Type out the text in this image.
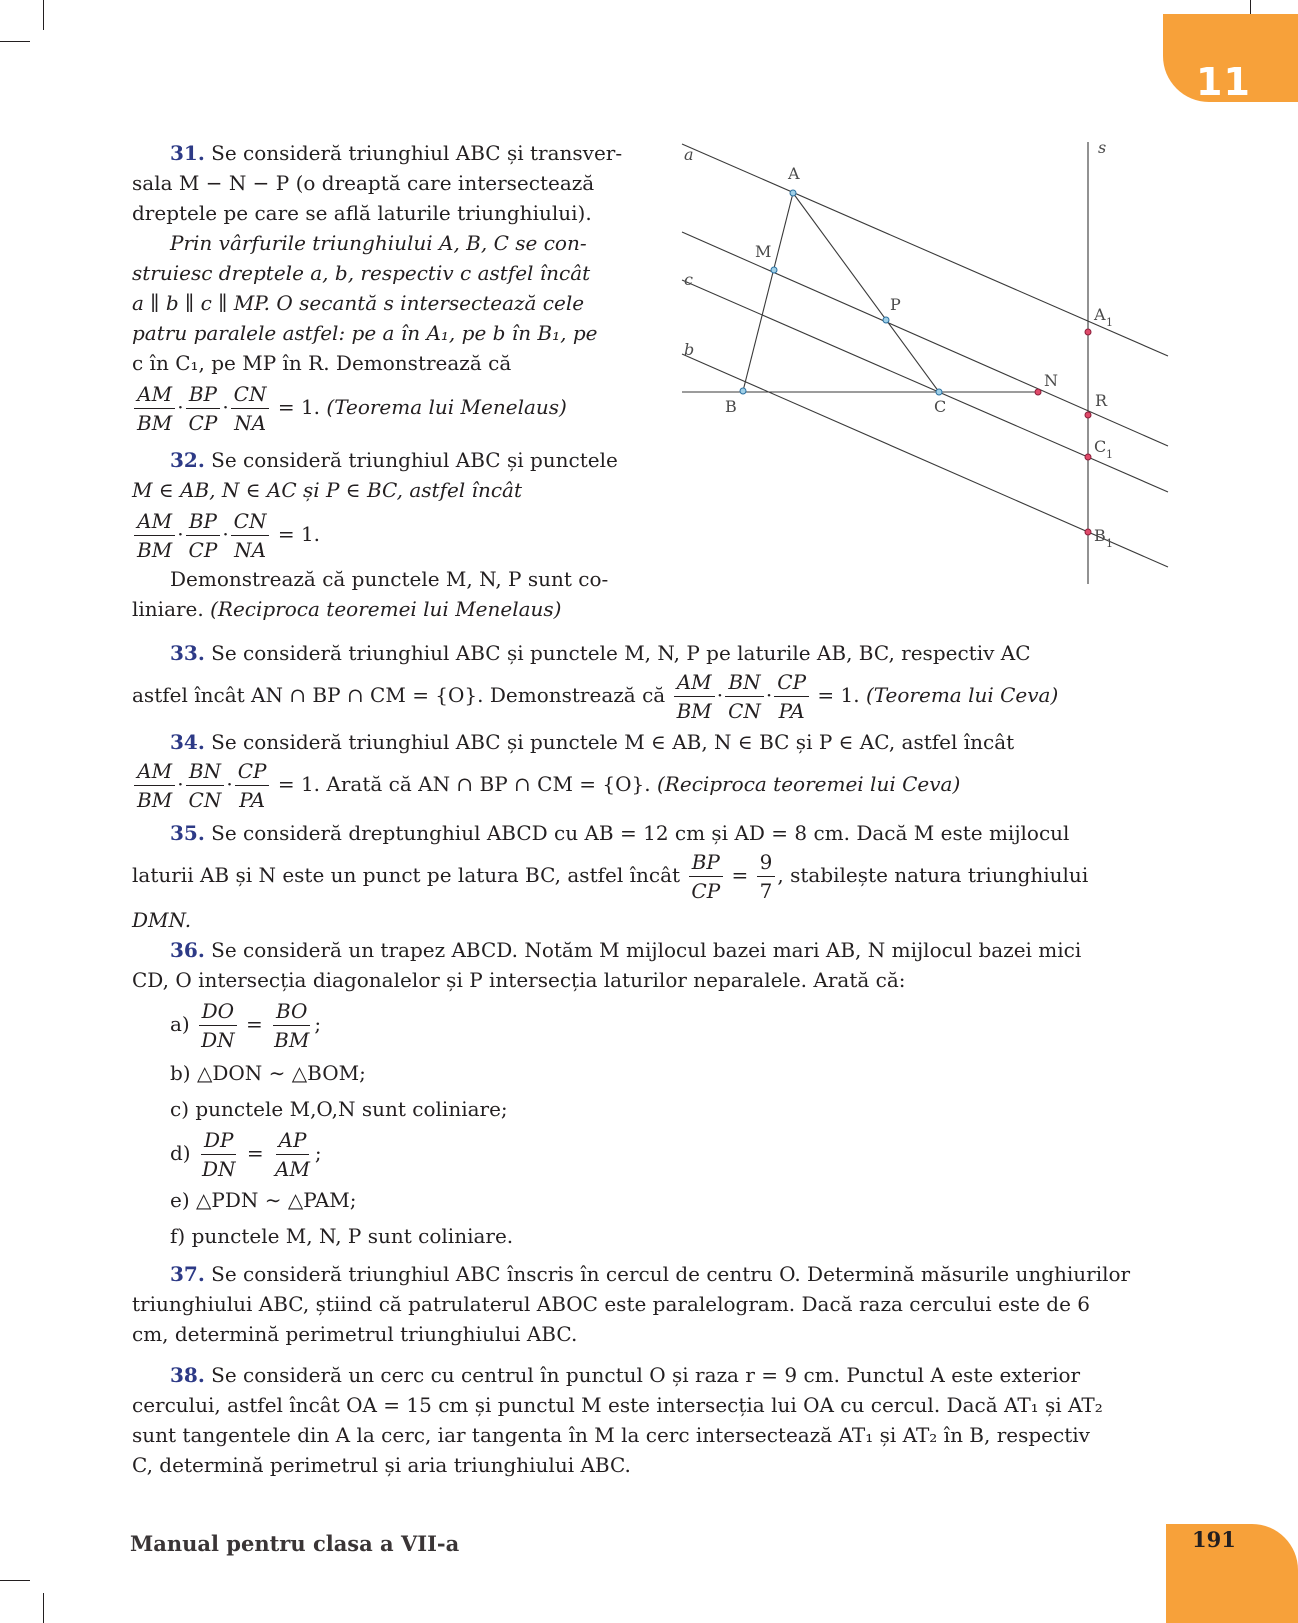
11
a
c
b
s
A
M
P
B	C
N
A 1
R
C 1
B 1
31. Se consideră triunghiul ABC și transver-
sala M − N − P (o dreaptă care intersectează
dreptele pe care se află laturile triunghiului).
Prin vârfurile triunghiului A, B, C se con-
struiesc dreptele a, b, respectiv c astfel încât
a ∥ b ∥ c ∥ MP. O secantă s intersectează cele
patru paralele astfel: pe a în A₁, pe b în B₁, pe
c în C₁, pe MP în R. Demonstrează că
$\frac{AM}{BM} \cdot \frac{BP}{CP} \cdot \frac{CN}{NA} = 1$. (Teorema lui Menelaus)
32. Se consideră triunghiul ABC și punctele
M ∈ AB, N ∈ AC și P ∈ BC, astfel încât
$\frac{AM}{BM} \cdot \frac{BP}{CP} \cdot \frac{CN}{NA} = 1$.
Demonstrează că punctele M, N, P sunt co-
liniare. (Reciproca teoremei lui Menelaus)
33. Se consideră triunghiul ABC și punctele M, N, P pe laturile AB, BC, respectiv AC
astfel încât AN ∩ BP ∩ CM = {O}. Demonstrează că $\frac{AM}{BM} \cdot \frac{BN}{CN} \cdot \frac{CP}{PA} = 1$. (Teorema lui Ceva)
34. Se consideră triunghiul ABC și punctele M ∈ AB, N ∈ BC și P ∈ AC, astfel încât
$\frac{AM}{BM} \cdot \frac{BN}{CN} \cdot \frac{CP}{PA} = 1$. Arată că AN ∩ BP ∩ CM = {O}. (Reciproca teoremei lui Ceva)
35. Se consideră dreptunghiul ABCD cu AB = 12 cm și AD = 8 cm. Dacă M este mijlocul
laturii AB și N este un punct pe latura BC, astfel încât $\frac{BP}{CP} = \frac{9}{7}$ , stabilește natura triunghiului
DMN.
36. Se consideră un trapez ABCD. Notăm M mijlocul bazei mari AB, N mijlocul bazei mici
CD, O intersecția diagonalelor și P intersecția laturilor neparalele. Arată că:
$a) \frac{DO}{DN} = \frac{BO}{BM}$ ;
b) △DON ∼ △BOM;
c) punctele M,O,N sunt coliniare;
$d) \frac{DP}{DN} = \frac{AP}{AM}$ ;
e) △PDN ∼ △PAM;
f) punctele M, N, P sunt coliniare.
37. Se consideră triunghiul ABC înscris în cercul de centru O. Determină măsurile unghiurilor
triunghiului ABC, știind că patrulaterul ABOC este paralelogram. Dacă raza cercului este de 6
cm, determină perimetrul triunghiului ABC.
38. Se consideră un cerc cu centrul în punctul O și raza r = 9 cm. Punctul A este exterior
cercului, astfel încât OA = 15 cm și punctul M este intersecția lui OA cu cercul. Dacă AT₁ și AT₂
sunt tangentele din A la cerc, iar tangenta în M la cerc intersectează AT₁ și AT₂ în B, respectiv
C, determină perimetrul și aria triunghiului ABC.
Manual pentru clasa a VII-a	191
